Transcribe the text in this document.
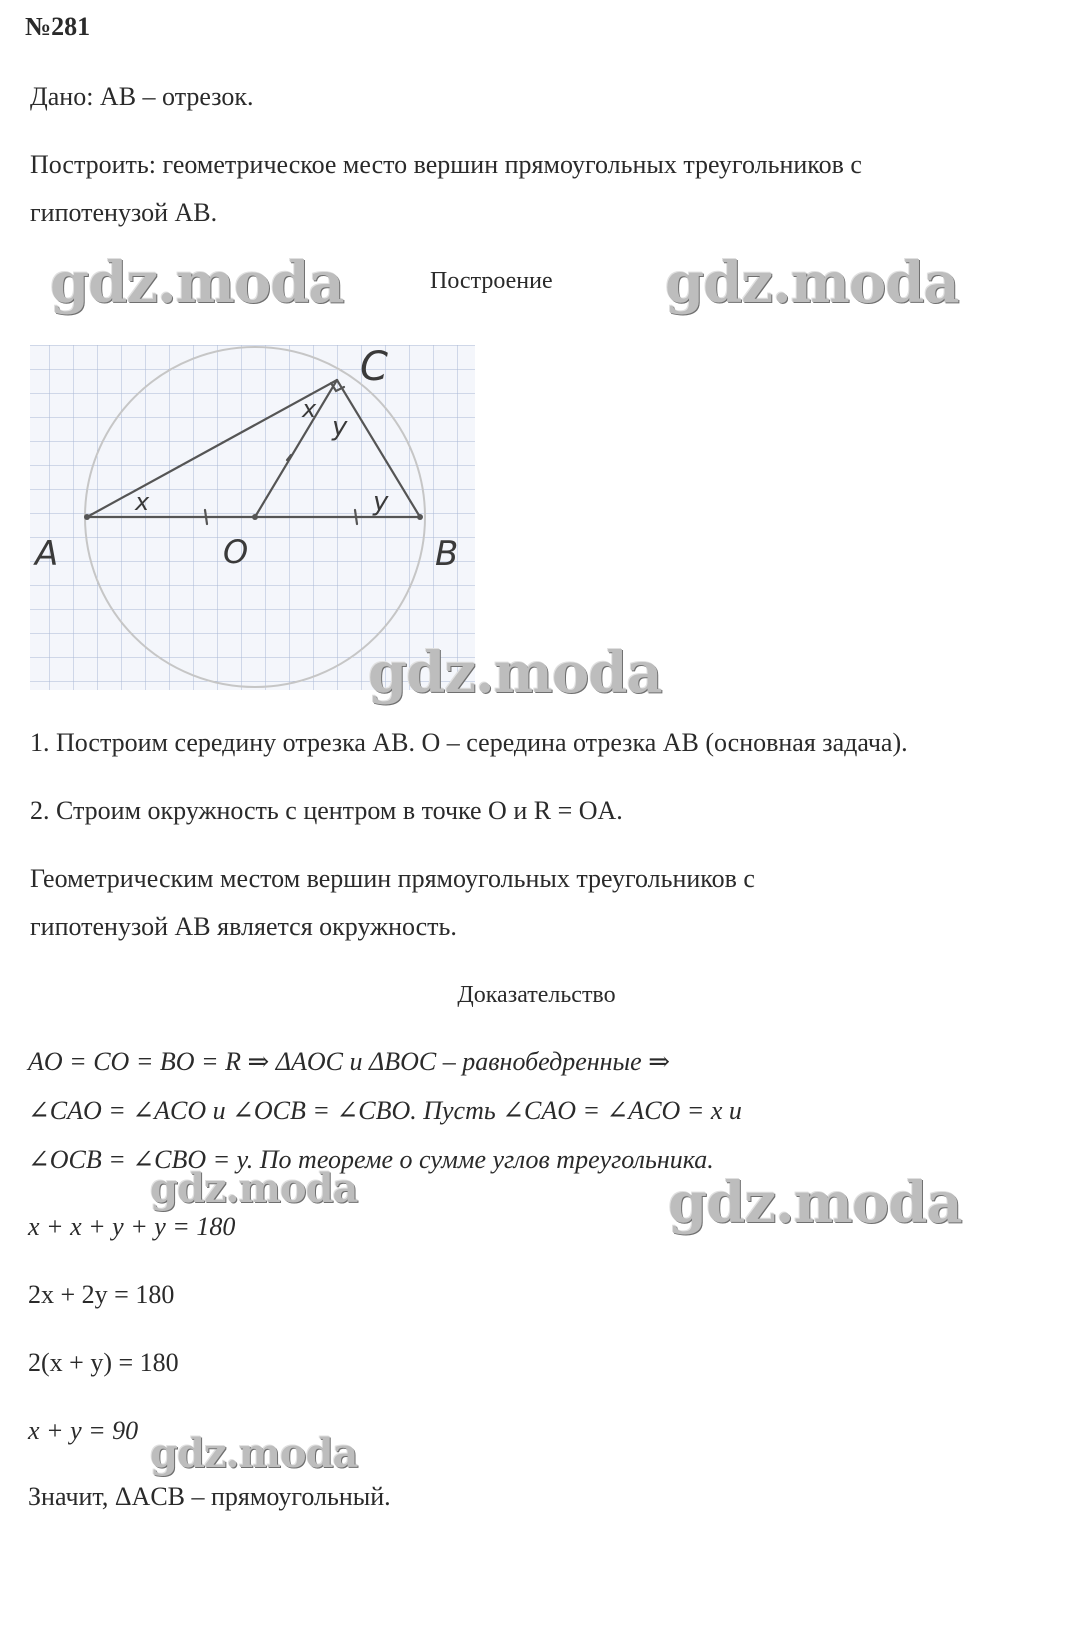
№281
Дано: AB – отрезок.
Построить: геометрическое место вершин прямоугольных треугольников с
гипотенузой AB.
gdz.moda	Построение gdz.moda
A	B
C
O
x
x
y
y
gdz.moda
1. Построим середину отрезка AB. O – середина отрезка AB (основная задача).
2. Строим окружность с центром в точке O и R = OA.
Геометрическим местом вершин прямоугольных треугольников с
гипотенузой AB является окружность.
Доказательство
AO = CO = BO = R ⇒ ΔAOC и ΔBOC – равнобедренные ⇒
∠CAO = ∠ACO и ∠OCB = ∠CBO. Пусть ∠CAO = ∠ACO = x и
∠OCB = ∠CBO = y. По теореме о сумме углов треугольника.
gdz.moda	gdz.moda
x + x + y + y = 180
2x + 2y = 180
2(x + y) = 180
x + y = 90 gdz.moda
Значит, ΔACB – прямоугольный.
